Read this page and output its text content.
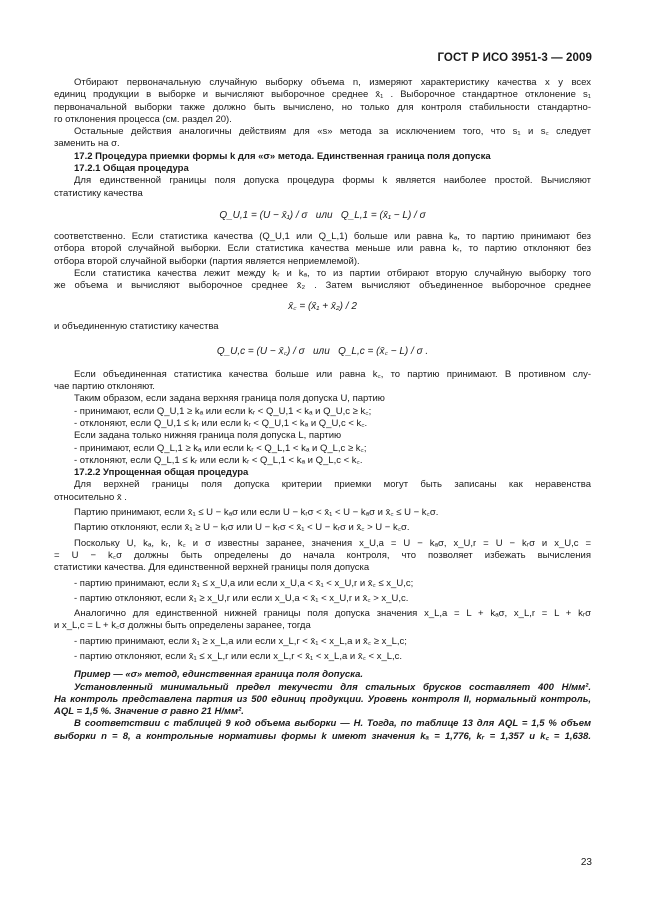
ГОСТ Р ИСО 3951-3 — 2009

Отбирают первоначальную случайную выборку объема n, измеряют характеристику качества x у всех

единиц продукции в выборке и вычисляют выборочное среднее x̄₁ . Выборочное стандартное отклонение s₁

первоначальной выборки также должно быть вычислено, но только для контроля стабильности стандартно-

го отклонения процесса (см. раздел 20).

Остальные действия аналогичны действиям для «s» метода за исключением того, что s₁ и s꜀ следует

заменить на σ.

17.2 Процедура приемки формы k для «σ» метода. Единственная граница поля допуска

17.2.1 Общая процедура

Для единственной границы поля допуска процедура формы k является наиболее простой. Вычисляют

статистику качества

Q_U,1 = (U − x̄₁) / σ   или   Q_L,1 = (x̄₁ − L) / σ

соответственно. Если статистика качества (Q_U,1 или Q_L,1) больше или равна kₐ, то партию принимают без

отбора второй случайной выборки. Если статистика качества меньше или равна kᵣ, то партию отклоняют без

отбора второй случайной выборки (партия является неприемлемой).

Если статистика качества лежит между kᵣ и kₐ, то из партии отбирают вторую случайную выборку того

же объема и вычисляют выборочное среднее x̄₂ . Затем вычисляют объединенное выборочное среднее

x̄꜀ = (x̄₁ + x̄₂) / 2

и объединенную статистику качества

Q_U,c = (U − x̄꜀) / σ   или   Q_L,c = (x̄꜀ − L) / σ .

Если объединенная статистика качества больше или равна k꜀, то партию принимают. В противном слу-

чае партию отклоняют.

Таким образом, если задана верхняя граница поля допуска U, партию

- принимают, если Q_U,1 ≥ kₐ или если kᵣ < Q_U,1 < kₐ и Q_U,c ≥ k꜀;

- отклоняют, если Q_U,1 ≤ kᵣ или если kᵣ < Q_U,1 < kₐ и Q_U,c < k꜀.

Если задана только нижняя граница поля допуска L, партию

- принимают, если Q_L,1 ≥ kₐ или если kᵣ < Q_L,1 < kₐ и Q_L,c ≥ k꜀;

- отклоняют, если Q_L,1 ≤ kᵣ или если kᵣ < Q_L,1 < kₐ и Q_L,c < k꜀.

17.2.2 Упрощенная общая процедура

Для верхней границы поля допуска критерии приемки могут быть записаны как неравенства

относительно x̄ .

Партию принимают, если x̄₁ ≤ U − kₐσ или если U − kᵣσ < x̄₁ < U − kₐσ и x̄꜀ ≤ U − k꜀σ.

Партию отклоняют, если x̄₁ ≥ U − kᵣσ или U − kᵣσ < x̄₁ < U − kᵣσ и x̄꜀ > U − k꜀σ.

Поскольку U, kₐ, kᵣ, k꜀ и σ известны заранее, значения x_U,a = U − kₐσ, x_U,r = U − kᵣσ и x_U,c =

= U − k꜀σ должны быть определены до начала контроля, что позволяет избежать вычисления

статистики качества. Для единственной верхней границы поля допуска

- партию принимают, если x̄₁ ≤ x_U,a или если x_U,a < x̄₁ < x_U,r и x̄꜀ ≤ x_U,c;

- партию отклоняют, если x̄₁ ≥ x_U,r или если x_U,a < x̄₁ < x_U,r и x̄꜀ > x_U,c.

Аналогично для единственной нижней границы поля допуска значения x_L,a = L + kₐσ, x_L,r = L + kᵣσ

и x_L,c = L + k꜀σ должны быть определены заранее, тогда

- партию принимают, если x̄₁ ≥ x_L,a или если x_L,r < x̄₁ < x_L,a и x̄꜀ ≥ x_L,c;

- партию отклоняют, если x̄₁ ≤ x_L,r или если x_L,r < x̄₁ < x_L,a и x̄꜀ < x_L,c.

Пример — «σ» метод, единственная граница поля допуска.

Установленный минимальный предел текучести для стальных брусков составляет 400 Н/мм².

На контроль представлена партия из 500 единиц продукции. Уровень контроля II, нормальный контроль,

AQL = 1,5 %. Значение σ равно 21 Н/мм².

В соответствии с таблицей 9 код объема выборки — H. Тогда, по таблице 13 для AQL = 1,5 % объем

выборки n = 8, а контрольные нормативы формы k имеют значения kₐ = 1,776, kᵣ = 1,357 и k꜀ = 1,638.

23
